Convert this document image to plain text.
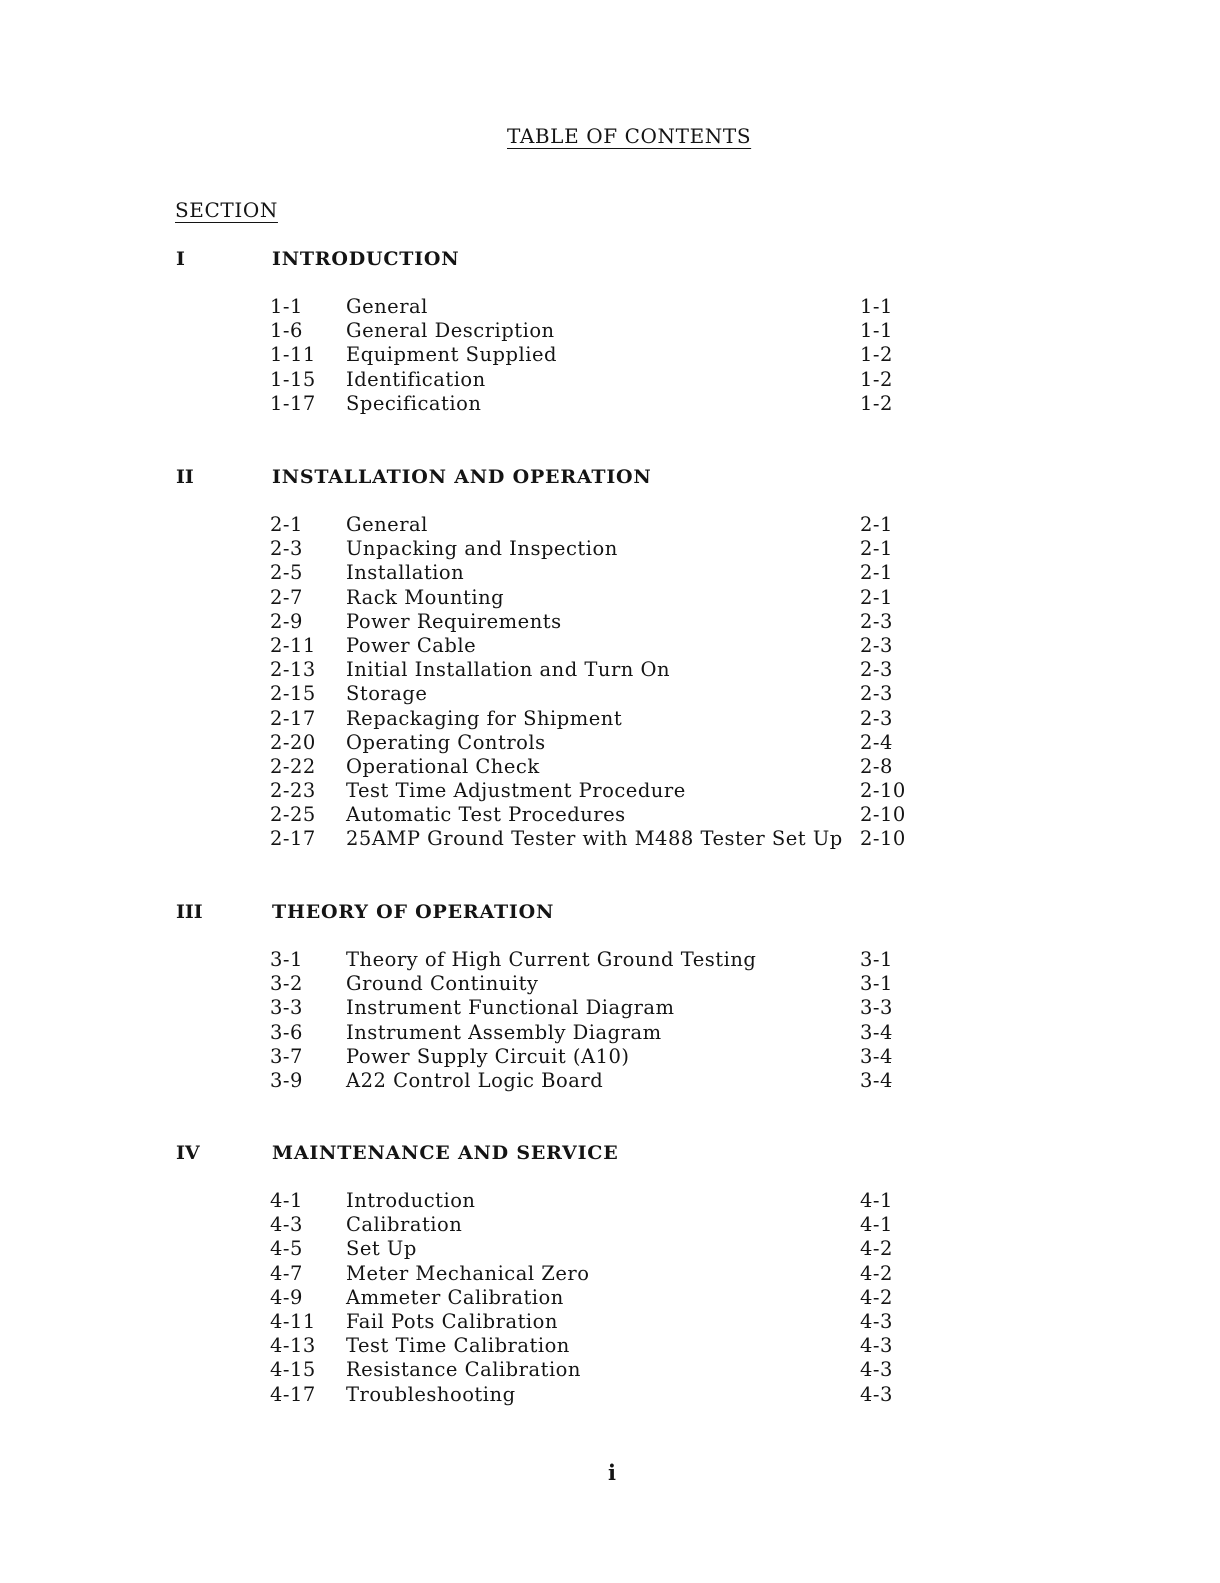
TABLE OF CONTENTS
SECTION
I	INTRODUCTION
1-1 General	1-1
1-6 General Description	1-1
1-11 Equipment Supplied	1-2
1-15 Identification	1-2
1-17 Specification	1-2
II	INSTALLATION AND OPERATION
2-1 General	2-1
2-3 Unpacking and Inspection	2-1
2-5 Installation	2-1
2-7 Rack Mounting	2-1
2-9 Power Requirements	2-3
2-11 Power Cable	2-3
2-13 Initial Installation and Turn On	2-3
2-15 Storage	2-3
2-17 Repackaging for Shipment	2-3
2-20 Operating Controls	2-4
2-22 Operational Check	2-8
2-23 Test Time Adjustment Procedure	2-10
2-25 Automatic Test Procedures	2-10
2-17 25AMP Ground Tester with M488 Tester Set Up 2-10
III	THEORY OF OPERATION
3-1 Theory of High Current Ground Testing	3-1
3-2 Ground Continuity	3-1
3-3 Instrument Functional Diagram	3-3
3-6 Instrument Assembly Diagram	3-4
3-7 Power Supply Circuit (A10)	3-4
3-9 A22 Control Logic Board	3-4
IV	MAINTENANCE AND SERVICE
4-1 Introduction	4-1
4-3 Calibration	4-1
4-5 Set Up	4-2
4-7 Meter Mechanical Zero	4-2
4-9 Ammeter Calibration	4-2
4-11 Fail Pots Calibration	4-3
4-13 Test Time Calibration	4-3
4-15 Resistance Calibration	4-3
4-17 Troubleshooting	4-3
i
